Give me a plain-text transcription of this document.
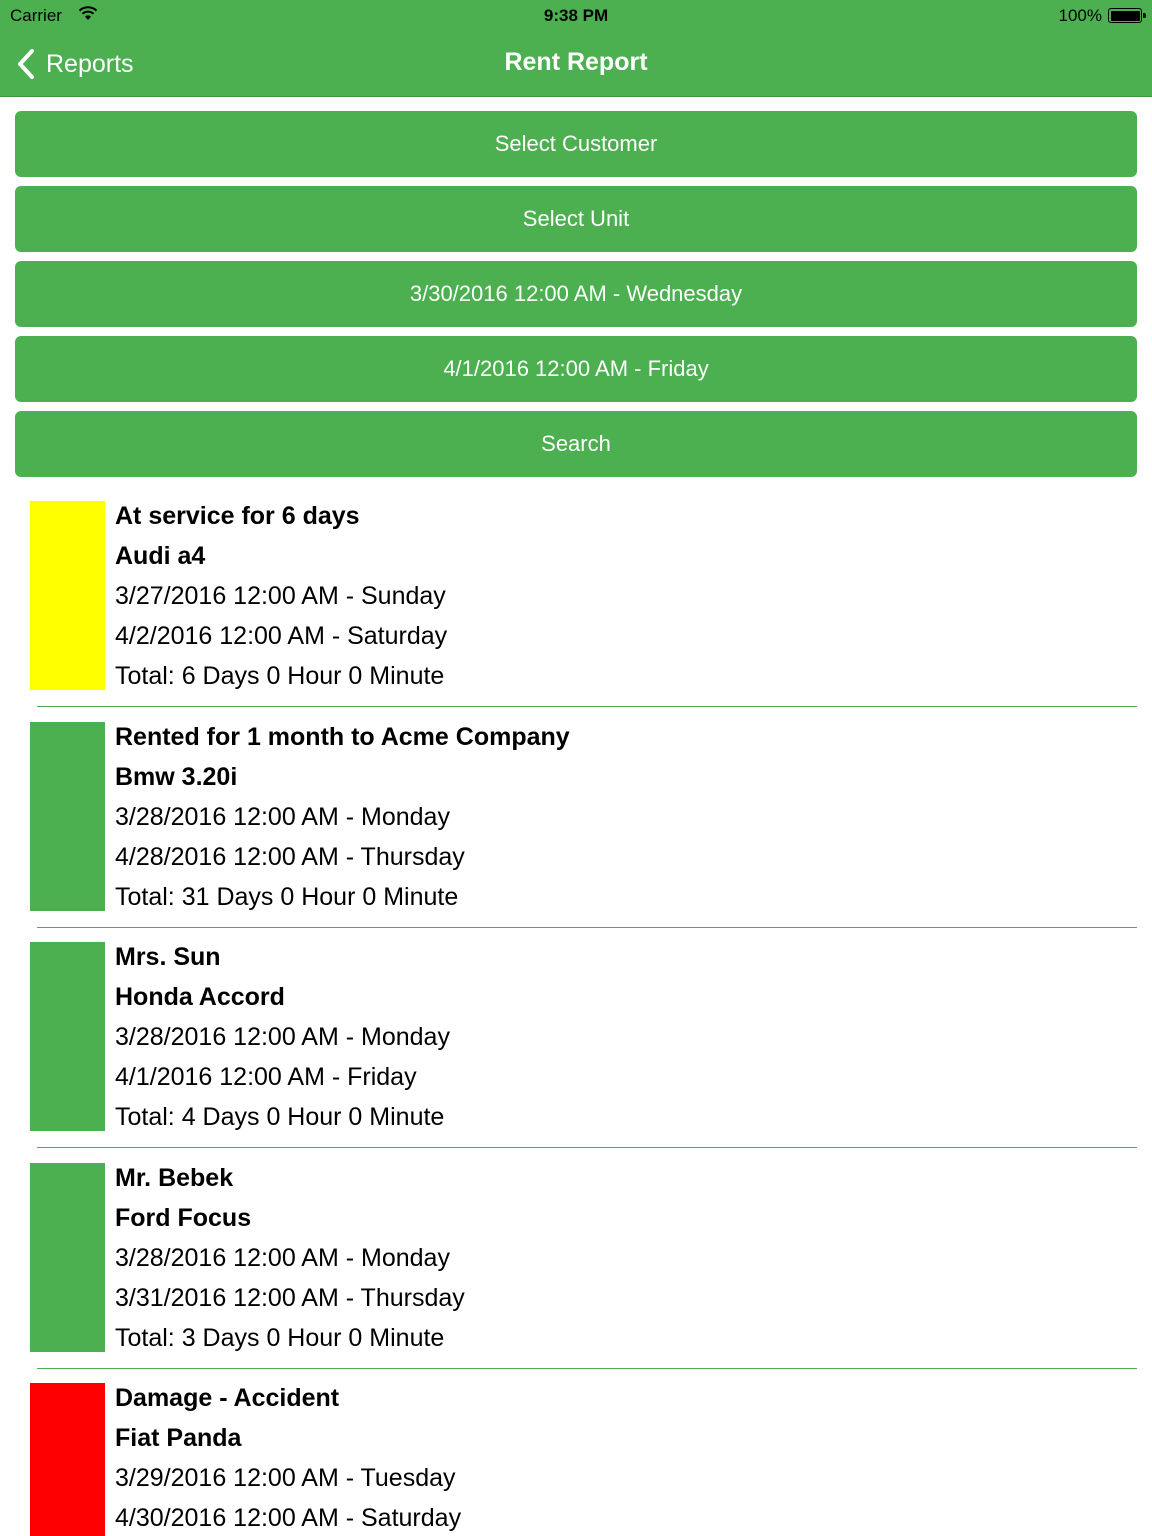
Carrier	9:38 PM	100%
Reports	Rent Report
Select Customer
Select Unit
3/30/2016 12:00 AM - Wednesday
4/1/2016 12:00 AM - Friday
Search
At service for 6 days
Audi a4
3/27/2016 12:00 AM - Sunday
4/2/2016 12:00 AM - Saturday
Total: 6 Days 0 Hour 0 Minute
Rented for 1 month to Acme Company
Bmw 3.20i
3/28/2016 12:00 AM - Monday
4/28/2016 12:00 AM - Thursday
Total: 31 Days 0 Hour 0 Minute
Mrs. Sun
Honda Accord
3/28/2016 12:00 AM - Monday
4/1/2016 12:00 AM - Friday
Total: 4 Days 0 Hour 0 Minute
Mr. Bebek
Ford Focus
3/28/2016 12:00 AM - Monday
3/31/2016 12:00 AM - Thursday
Total: 3 Days 0 Hour 0 Minute
Damage - Accident
Fiat Panda
3/29/2016 12:00 AM - Tuesday
4/30/2016 12:00 AM - Saturday
